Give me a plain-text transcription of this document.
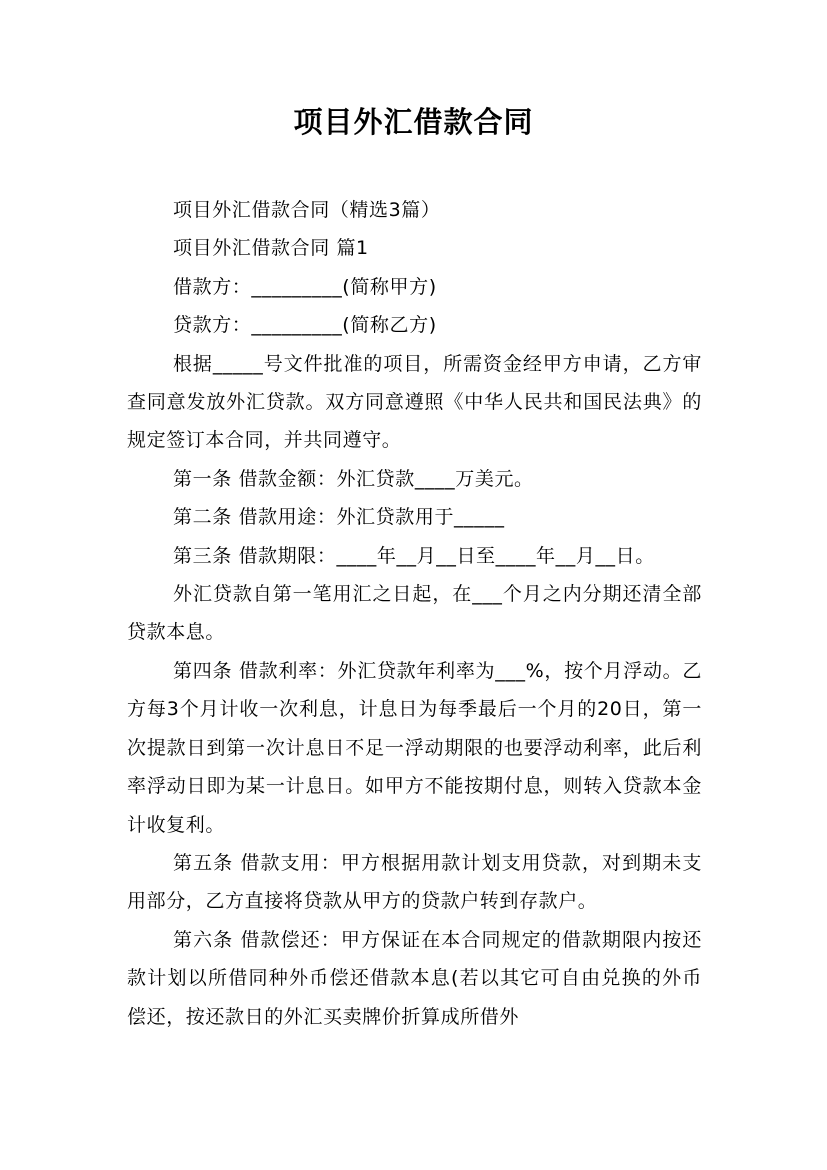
项目外汇借款合同

项目外汇借款合同（精选3篇）

项目外汇借款合同 篇1

借款方：_________(简称甲方)

贷款方：_________(简称乙方)

根据_____号文件批准的项目，所需资金经甲方申请，乙方审查同意发放外汇贷款。双方同意遵照《中华人民共和国民法典》的规定签订本合同，并共同遵守。

第一条 借款金额：外汇贷款____万美元。

第二条 借款用途：外汇贷款用于_____

第三条 借款期限：____年__月__日至____年__月__日。

外汇贷款自第一笔用汇之日起，在___个月之内分期还清全部贷款本息。

第四条 借款利率：外汇贷款年利率为___%，按个月浮动。乙方每3个月计收一次利息，计息日为每季最后一个月的20日，第一次提款日到第一次计息日不足一浮动期限的也要浮动利率，此后利率浮动日即为某一计息日。如甲方不能按期付息，则转入贷款本金计收复利。

第五条 借款支用：甲方根据用款计划支用贷款，对到期未支用部分，乙方直接将贷款从甲方的贷款户转到存款户。

第六条 借款偿还：甲方保证在本合同规定的借款期限内按还款计划以所借同种外币偿还借款本息(若以其它可自由兑换的外币偿还，按还款日的外汇买卖牌价折算成所借外
